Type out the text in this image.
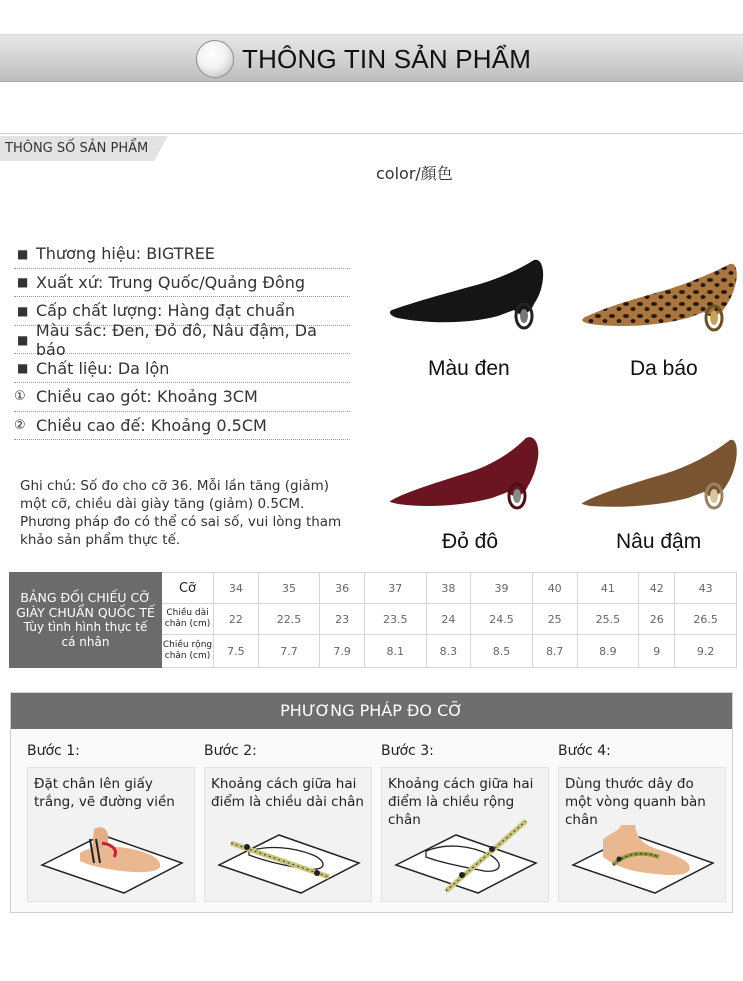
THÔNG TIN SẢN PHẨM
THÔNG SỐ SẢN PHẨM
color/顏色
■ Thương hiệu: BIGTREE
■ Xuất xứ: Trung Quốc/Quảng Đông
■ Cấp chất lượng: Hàng đạt chuẩn
■ Màu sắc: Đen, Đỏ đô, Nâu đậm, Da báo
■ Chất liệu: Da lộn
① Chiều cao gót: Khoảng 3CM
② Chiều cao đế: Khoảng 0.5CM
Ghi chú: Số đo cho cỡ 36. Mỗi lần tăng (giảm) một cỡ, chiều dài giày tăng (giảm) 0.5CM. Phương pháp đo có thể có sai số, vui lòng tham khảo sản phẩm thực tế.
Màu đen	Da báo
Đỏ đô	Nâu đậm
BẢNG ĐỐI CHIẾU CỠ
GIÀY CHUẨN QUỐC TẾ
Tùy tình hình thực tế
cá nhân	Cỡ	34	35	36	37	38	39	40	41	42	43
	Chiều dài chân (cm)	22	22.5	23	23.5	24	24.5	25	25.5	26	26.5
	Chiều rộng chân (cm)	7.5	7.7	7.9	8.1	8.3	8.5	8.7	8.9	9	9.2
PHƯƠNG PHÁP ĐO CỠ
Bước 1:
Đặt chân lên giấy trắng, vẽ đường viền
Bước 2:
Khoảng cách giữa hai điểm là chiều dài chân
Bước 3:
Khoảng cách giữa hai điểm là chiều rộng chân
Bước 4:
Dùng thước dây đo một vòng quanh bàn chân
